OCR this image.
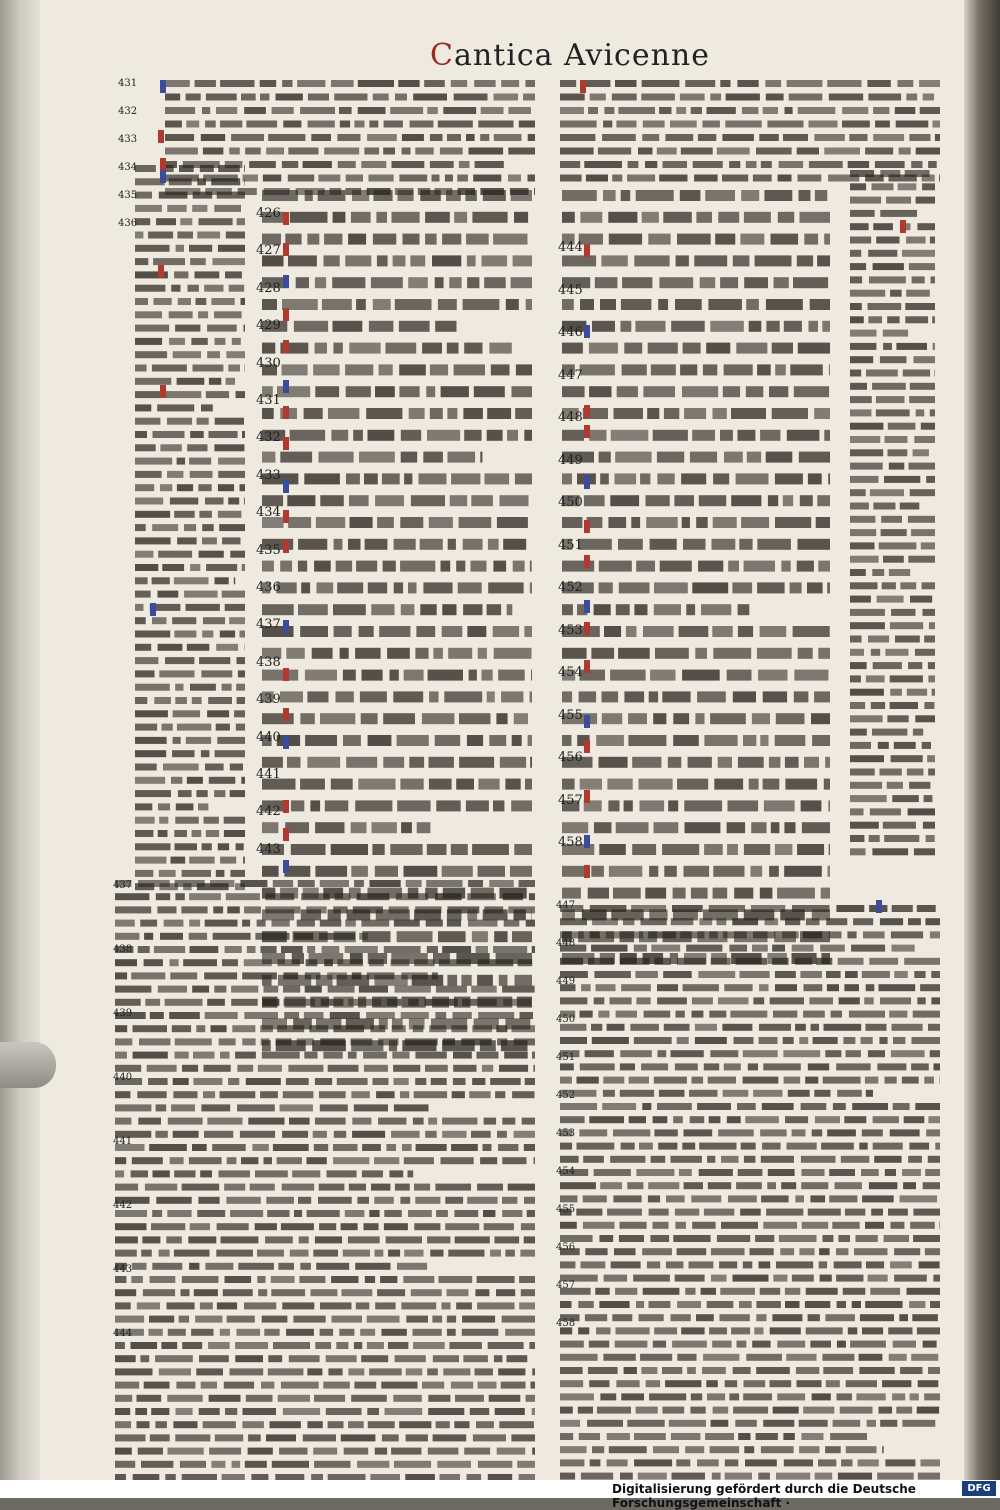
Cantica Avicenne
426
427
428
429
430
431
432
433
434
435
436
437
438
439
440
441
442
443
444
445
446
447
448
449
450
451
452
453
454
455
456
457
458
431
432
433
434
435
436
437
438
439
440
441
442
443
444
447
448
449
450
451
452
453
454
455
456
457
458
Digitalisierung gefördert durch die Deutsche Forschungsgemeinschaft ·
DFG
